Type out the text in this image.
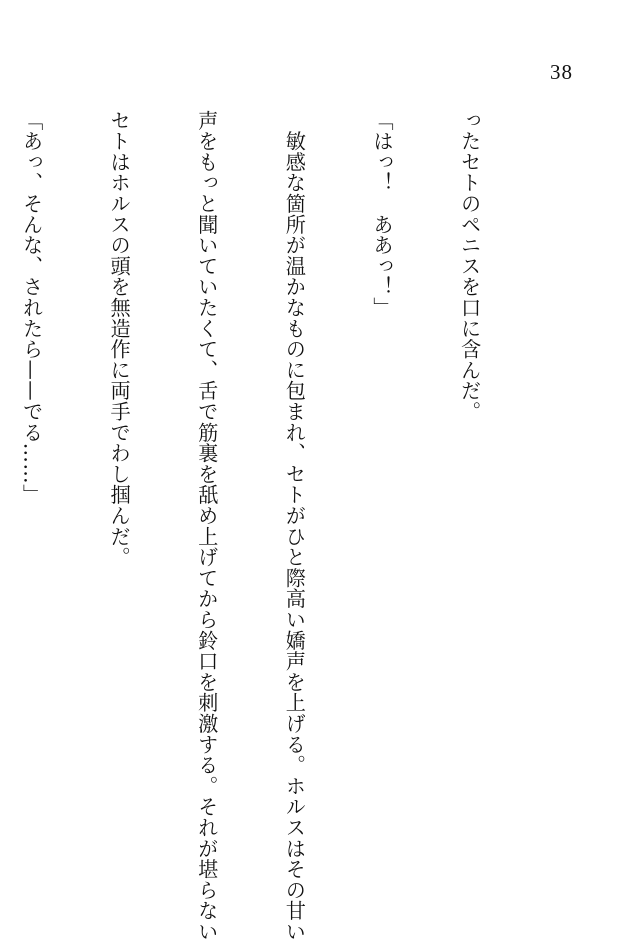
38

ったセトのペニスを口に含んだ。

「はっ！　ああっ！」

　敏感な箇所が温かなものに包まれ、セトがひと際高い嬌声を上げる。ホルスはその甘い

声をもっと聞いていたくて、舌で筋裏を舐め上げてから鈴口を刺激する。それが堪らない

セトはホルスの頭を無造作に両手でわし掴んだ。

「あっ、そんな、されたら——でる……」
